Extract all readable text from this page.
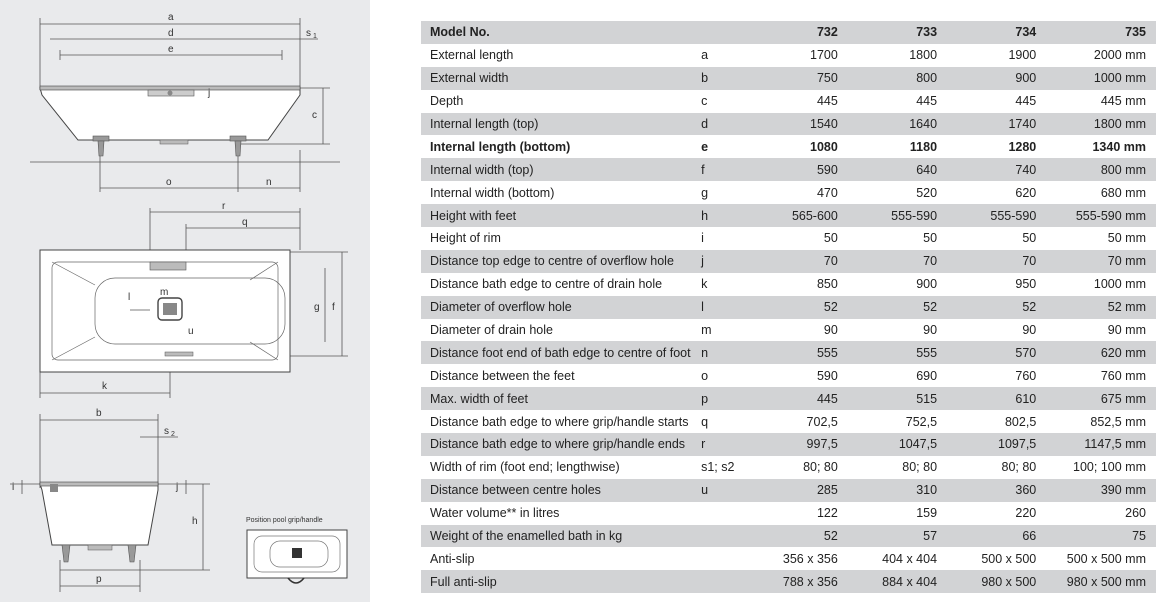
a
d
e
s 1
c
j
o	n
r
q
g f
l	m
u
k
b
s 2
i	j
h
p
Position pool grip/handle
Model No.		732	733	734	735
External length	a	1700	1800	1900	2000 mm
External width	b	750	800	900	1000 mm
Depth	c	445	445	445	445 mm
Internal length (top)	d	1540	1640	1740	1800 mm
Internal length (bottom)	e	1080	1180	1280	1340 mm
Internal width (top)	f	590	640	740	800 mm
Internal width (bottom)	g	470	520	620	680 mm
Height with feet	h	565-600	555-590	555-590	555-590 mm
Height of rim	i	50	50	50	50 mm
Distance top edge to centre of overflow hole	j	70	70	70	70 mm
Distance bath edge to centre of drain hole	k	850	900	950	1000 mm
Diameter of overflow hole	l	52	52	52	52 mm
Diameter of drain hole	m	90	90	90	90 mm
Distance foot end of bath edge to centre of foot	n	555	555	570	620 mm
Distance between the feet	o	590	690	760	760 mm
Max. width of feet	p	445	515	610	675 mm
Distance bath edge to where grip/handle starts	q	702,5	752,5	802,5	852,5 mm
Distance bath edge to where grip/handle ends	r	997,5	1047,5	1097,5	1147,5 mm
Width of rim (foot end; lengthwise)	s1; s2	80; 80	80; 80	80; 80	100; 100 mm
Distance between centre holes	u	285	310	360	390 mm
Water volume** in litres		122	159	220	260
Weight of the enamelled bath in kg		52	57	66	75
Anti-slip		356 x 356	404 x 404	500 x 500	500 x 500 mm
Full anti-slip		788 x 356	884 x 404	980 x 500	980 x 500 mm
